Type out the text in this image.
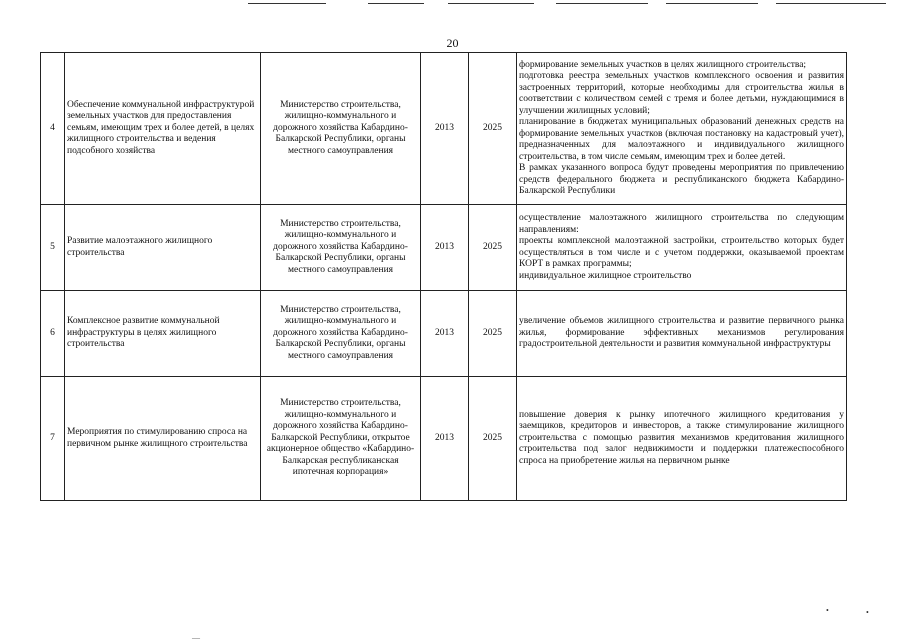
20
4	Обеспечение коммунальной инфраструктурой земельных участков для предоставления семьям, имеющим трех и более детей, в целях жилищного строительства и ведения подсобного хозяйства	Министерство строительства, жилищно-коммунального и дорожного хозяйства Кабардино-Балкарской Республики, органы местного самоуправления	2013	2025	формирование земельных участков в целях жилищного строительства;
подготовка реестра земельных участков комплексного освоения и развития застроенных территорий, которые необходимы для строительства жилья в соответствии с количеством семей с тремя и более детьми, нуждающимися в улучшении жилищных условий;
планирование в бюджетах муниципальных образований денежных средств на формирование земельных участков (включая постановку на кадастровый учет), предназначенных для малоэтажного и индивидуального жилищного строительства, в том числе семьям, имеющим трех и более детей.
В рамках указанного вопроса будут проведены мероприятия по привлечению средств федерального бюджета и республиканского бюджета Кабардино-Балкарской Республики

5	Развитие малоэтажного жилищного строительства	Министерство строительства, жилищно-коммунального и дорожного хозяйства Кабардино-Балкарской Республики, органы местного самоуправления	2013	2025	осуществление малоэтажного жилищного строительства по следующим направлениям:
проекты комплексной малоэтажной застройки, строительство которых будет осуществляться в том числе и с учетом поддержки, оказываемой проектам КОРТ в рамках программы;
индивидуальное жилищное строительство

6	Комплексное развитие коммунальной инфраструктуры в целях жилищного строительства	Министерство строительства, жилищно-коммунального и дорожного хозяйства Кабардино-Балкарской Республики, органы местного самоуправления	2013	2025	увеличение объемов жилищного строительства и развитие первичного рынка жилья, формирование эффективных механизмов регулирования градостроительной деятельности и развития коммунальной инфраструктуры

7	Мероприятия по стимулированию спроса на первичном рынке жилищного строительства	Министерство строительства, жилищно-коммунального и дорожного хозяйства Кабардино-Балкарской Республики, открытое акционерное общество «Кабардино-Балкарская республиканская ипотечная корпорация»	2013	2025	повышение доверия к рынку ипотечного жилищного кредитования у заемщиков, кредиторов и инвесторов, а также стимулирование жилищного строительства с помощью развития механизмов кредитования жилищного строительства под залог недвижимости и поддержки платежеспособного спроса на приобретение жилья на первичном рынке
•	•
—
